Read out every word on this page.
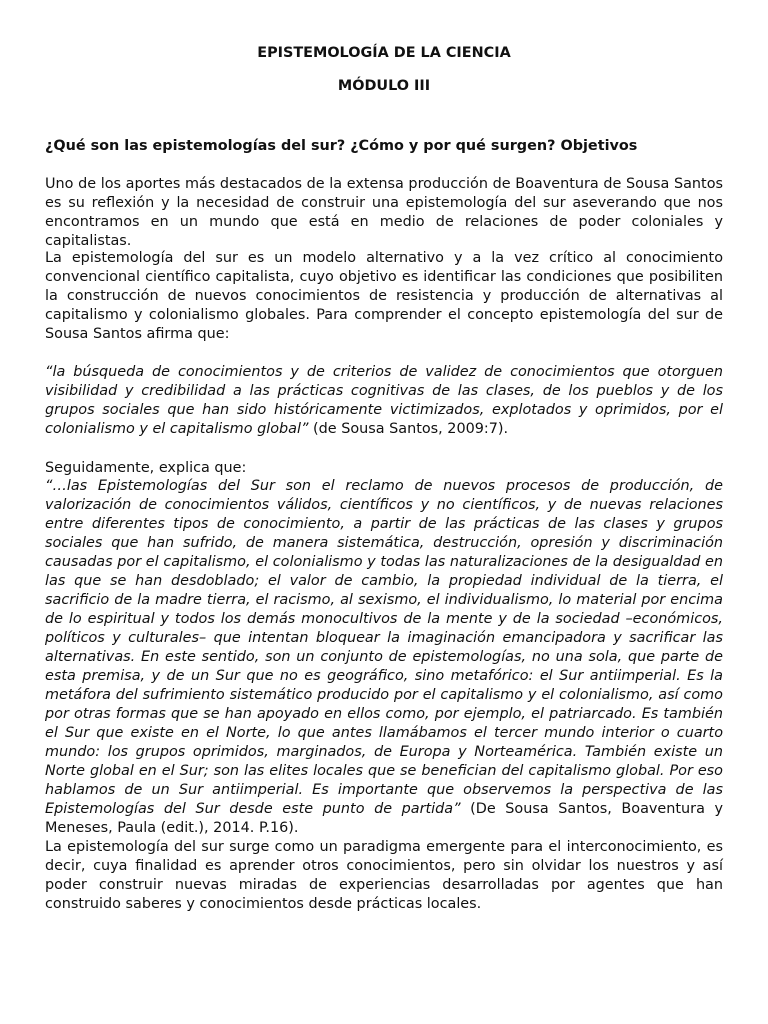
EPISTEMOLOGÍA DE LA CIENCIA
MÓDULO III

¿Qué son las epistemologías del sur? ¿Cómo y por qué surgen? Objetivos

Uno de los aportes más destacados de la extensa producción de Boaventura de Sousa Santos es su reflexión y la necesidad de construir una epistemología del sur aseverando que nos encontramos en un mundo que está en medio de relaciones de poder coloniales y capitalistas.

La epistemología del sur es un modelo alternativo y a la vez crítico al conocimiento convencional científico capitalista, cuyo objetivo es identificar las condiciones que posibiliten la construcción de nuevos conocimientos de resistencia y producción de alternativas al capitalismo y colonialismo globales. Para comprender el concepto epistemología del sur de Sousa Santos afirma que:

“la búsqueda de conocimientos y de criterios de validez de conocimientos que otorguen visibilidad y credibilidad a las prácticas cognitivas de las clases, de los pueblos y de los grupos sociales que han sido históricamente victimizados, explotados y oprimidos, por el colonialismo y el capitalismo global” (de Sousa Santos, 2009:7).

Seguidamente, explica que:

“…las Epistemologías del Sur son el reclamo de nuevos procesos de producción, de valorización de conocimientos válidos, científicos y no científicos, y de nuevas relaciones entre diferentes tipos de conocimiento, a partir de las prácticas de las clases y grupos sociales que han sufrido, de manera sistemática, destrucción, opresión y discriminación causadas por el capitalismo, el colonialismo y todas las naturalizaciones de la desigualdad en las que se han desdoblado; el valor de cambio, la propiedad individual de la tierra, el sacrificio de la madre tierra, el racismo, al sexismo, el individualismo, lo material por encima de lo espiritual y todos los demás monocultivos de la mente y de la sociedad –económicos, políticos y culturales– que intentan bloquear la imaginación emancipadora y sacrificar las alternativas. En este sentido, son un conjunto de epistemologías, no una sola, que parte de esta premisa, y de un Sur que no es geográfico, sino metafórico: el Sur antiimperial. Es la metáfora del sufrimiento sistemático producido por el capitalismo y el colonialismo, así como por otras formas que se han apoyado en ellos como, por ejemplo, el patriarcado. Es también el Sur que existe en el Norte, lo que antes llamábamos el tercer mundo interior o cuarto mundo: los grupos oprimidos, marginados, de Europa y Norteamérica. También existe un Norte global en el Sur; son las elites locales que se benefician del capitalismo global. Por eso hablamos de un Sur antiimperial. Es importante que observemos la perspectiva de las Epistemologías del Sur desde este punto de partida” (De Sousa Santos, Boaventura y Meneses, Paula (edit.), 2014. P.16).

La epistemología del sur surge como un paradigma emergente para el interconocimiento, es decir, cuya finalidad es aprender otros conocimientos, pero sin olvidar los nuestros y así poder construir nuevas miradas de experiencias desarrolladas por agentes que han construido saberes y conocimientos desde prácticas locales.
